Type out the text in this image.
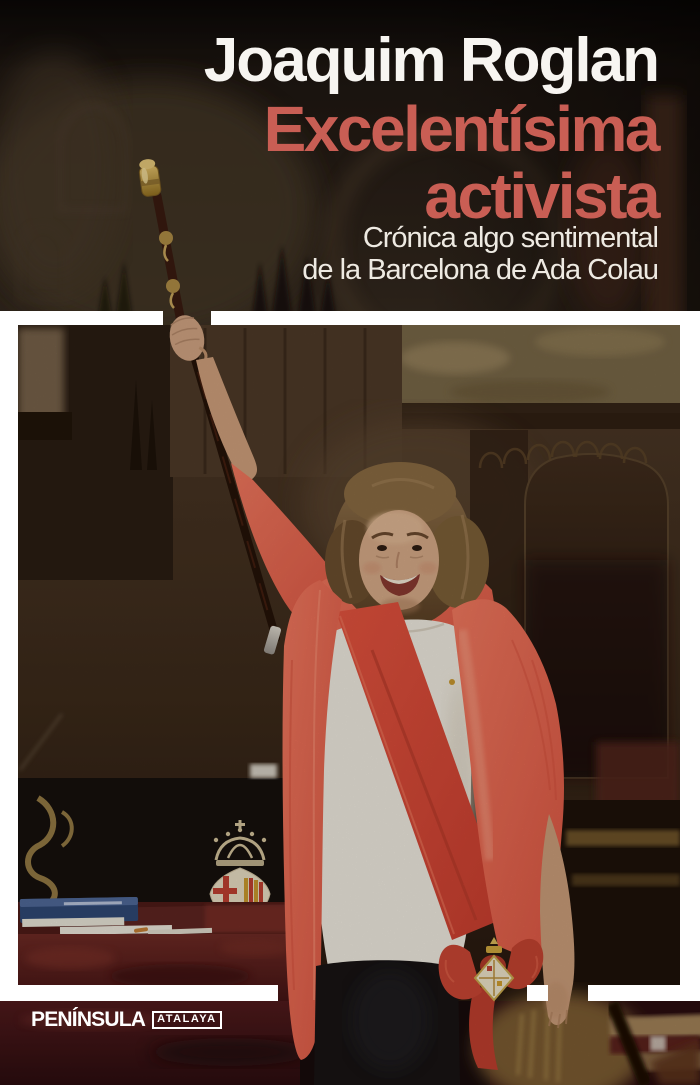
Joaquim Roglan
Excelentísima
activista
Crónica algo sentimental
de la Barcelona de Ada Colau
PENÍNSULA	ATALAYA
